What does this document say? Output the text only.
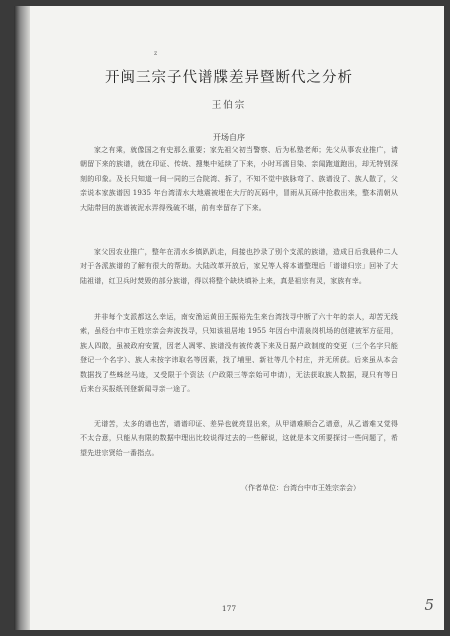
z
开闽三宗子代谱牒差异暨断代之分析
王伯宗
开场自序

家之有乘，就像国之有史那么重要；家先祖父初当警察、后为私塾老师；先父从事农业推广，请朝留下来的族谱，就在印证、传统、搜集中延续了下来，小时耳濡目染、亲闻跑道跑出，却无特别深刻的印象。及长只知道一间一同的三合院湾、拆了，不知不觉中族脉弯了、族谱没了、族人散了，父亲说本家族谱因 1935 年台湾清水大地震被埋在大厅的瓦砾中，冒雨从瓦砾中抢救出来，整本清朝从大陆带回的族谱被泥水弄得残破不堪，前有幸留存了下来。

家父因农业推广，整年在清水乡镇趴趴走，间接也抄录了别个支派的族谱，造成日后我晨仲二人对于各派族谱的了解有很大的帮助。大陆改革开放后，家兄等人将本谱整理后「谱谱归宗」回补了大陆祖谱，红卫兵时焚毁的部分族谱，得以将整个缺块填补上来，真是祖宗有灵，家族有幸。

并非每个支派都这么幸运，南安渔运黄田王振裕先生来台湾找寻中断了六十年的亲人，却苦无线索，虽经台中市王姓宗亲会奔波找寻，只知该祖居地 1955 年因台中清泉岗机场的创建被军方征用，族人四散，虽被政府安置，因老人凋零、族谱没有被传袭下来及日据户政制度的变更（三个名字只能登记一个名字）、族人未按字讳取名等因素，找了埔里、新社等几个村庄，并无所获。后来虽从本会数据找了些蛛丝马迹，又受限于个资法（户政限三等亲始可申请），无法获取族人数据，现只有等日后来台买报纸刊登新闻寻亲一途了。

无谱苦，太多的谱也苦，谱谱印证、差异也就亮显出来，从甲谱难顺合乙谱意，从乙谱难又觉得不太合意，只能从有限的数据中理出比较说得过去的一些解说，这就是本文所要探讨一些问题了，希望先进宗贤给一番指点。

（作者单位：台湾台中市王姓宗亲会）
177	5
